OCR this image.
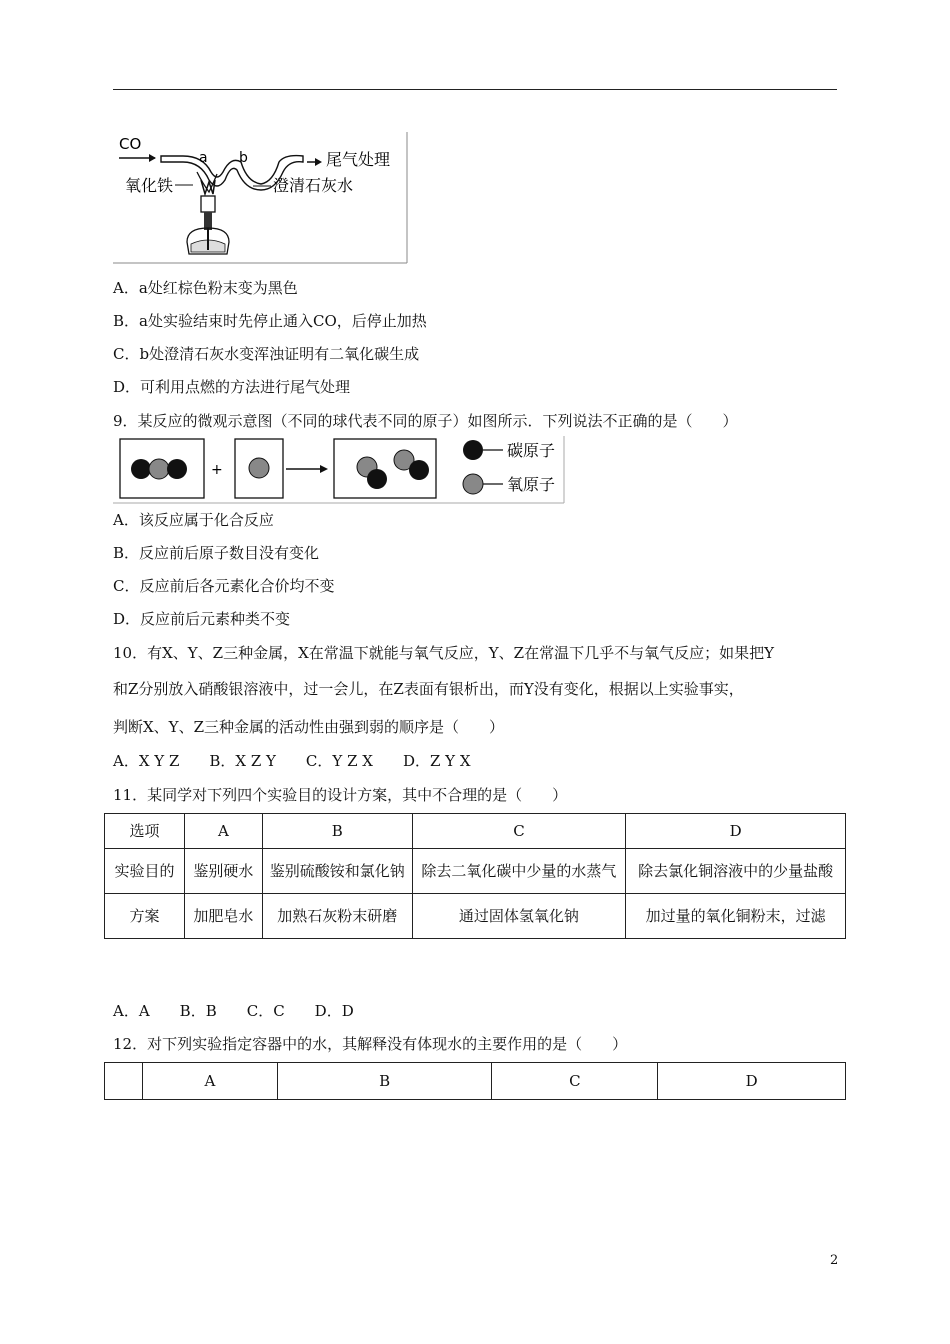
CO
a b	尾气处理
氧化铁	澄清石灰水
A．a处红棕色粉末变为黑色
B．a处实验结束时先停止通入CO，后停止加热
C．b处澄清石灰水变浑浊证明有二氧化碳生成
D．可利用点燃的方法进行尾气处理
9．某反应的微观示意图（不同的球代表不同的原子）如图所示．下列说法不正确的是（　　）
+
碳原子
氧原子
A．该反应属于化合反应
B．反应前后原子数目没有变化
C．反应前后各元素化合价均不变
D．反应前后元素种类不变
10．有X、Y、Z三种金属，X在常温下就能与氧气反应，Y、Z在常温下几乎不与氧气反应；如果把Y
和Z分别放入硝酸银溶液中，过一会儿，在Z表面有银析出，而Y没有变化，根据以上实验事实，
判断X、Y、Z三种金属的活动性由强到弱的顺序是（　　）
A．X Y Z　　B．X Z Y　　C．Y Z X　　D．Z Y X
11．某同学对下列四个实验目的设计方案，其中不合理的是（　　）
选项	A	B	C	D
实验目的	鉴别硬水	鉴别硫酸铵和氯化钠	除去二氧化碳中少量的水蒸气	除去氯化铜溶液中的少量盐酸
方案	加肥皂水	加熟石灰粉末研磨	通过固体氢氧化钠	加过量的氧化铜粉末，过滤
A．A　　B．B　　C．C　　D．D
12．对下列实验指定容器中的水，其解释没有体现水的主要作用的是（　　）
	A	B	C	D
2
